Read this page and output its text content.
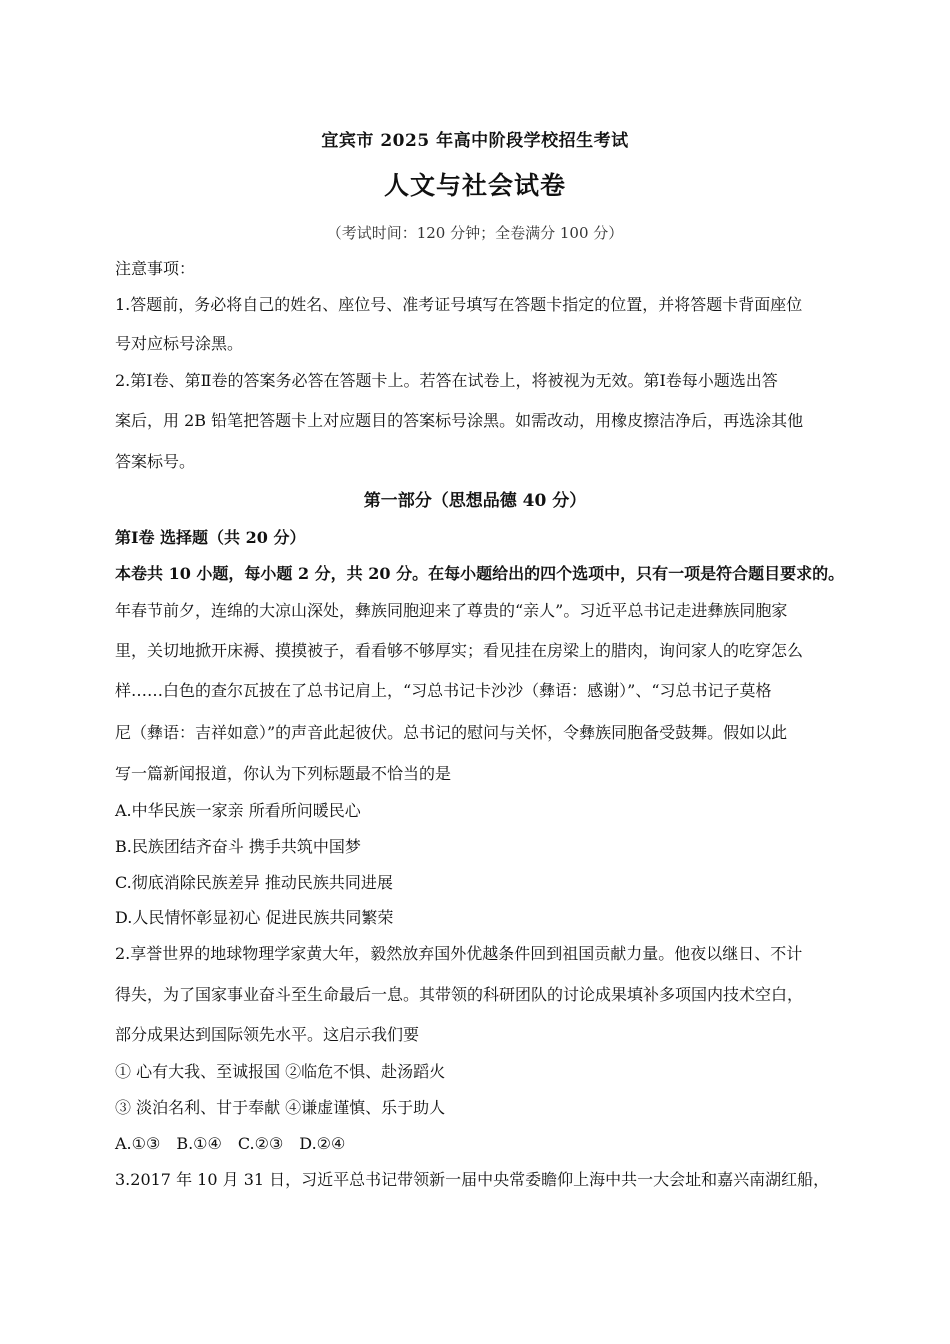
宜宾市 2025 年高中阶段学校招生考试
人文与社会试卷
（考试时间：120 分钟；全卷满分 100 分）
注意事项：
1.答题前，务必将自己的姓名、座位号、准考证号填写在答题卡指定的位置，并将答题卡背面座位
号对应标号涂黑。
2.第Ⅰ卷、第Ⅱ卷的答案务必答在答题卡上。若答在试卷上，将被视为无效。第Ⅰ卷每小题选出答
案后，用 2B 铅笔把答题卡上对应题目的答案标号涂黑。如需改动，用橡皮擦洁净后，再选涂其他
答案标号。
第一部分（思想品德 40 分）
第Ⅰ卷 选择题（共 20 分）
本卷共 10 小题，每小题 2 分，共 20 分。在每小题给出的四个选项中，只有一项是符合题目要求的。
年春节前夕，连绵的大凉山深处，彝族同胞迎来了尊贵的“亲人”。习近平总书记走进彝族同胞家
里，关切地掀开床褥、摸摸被子，看看够不够厚实；看见挂在房梁上的腊肉，询问家人的吃穿怎么
样……白色的查尔瓦披在了总书记肩上，“习总书记卡沙沙（彝语：感谢）”、“习总书记子莫格
尼（彝语：吉祥如意）”的声音此起彼伏。总书记的慰问与关怀，令彝族同胞备受鼓舞。假如以此
写一篇新闻报道，你认为下列标题最不恰当的是
A.中华民族一家亲 所看所问暖民心
B.民族团结齐奋斗 携手共筑中国梦
C.彻底消除民族差异 推动民族共同进展
D.人民情怀彰显初心 促进民族共同繁荣
2.享誉世界的地球物理学家黄大年，毅然放弃国外优越条件回到祖国贡献力量。他夜以继日、不计
得失，为了国家事业奋斗至生命最后一息。其带领的科研团队的讨论成果填补多项国内技术空白，
部分成果达到国际领先水平。这启示我们要
① 心有大我、至诚报国 ②临危不惧、赴汤蹈火
③ 淡泊名利、甘于奉献 ④谦虚谨慎、乐于助人
A.①③　B.①④　C.②③　D.②④
3.2017 年 10 月 31 日，习近平总书记带领新一届中央常委瞻仰上海中共一大会址和嘉兴南湖红船，
